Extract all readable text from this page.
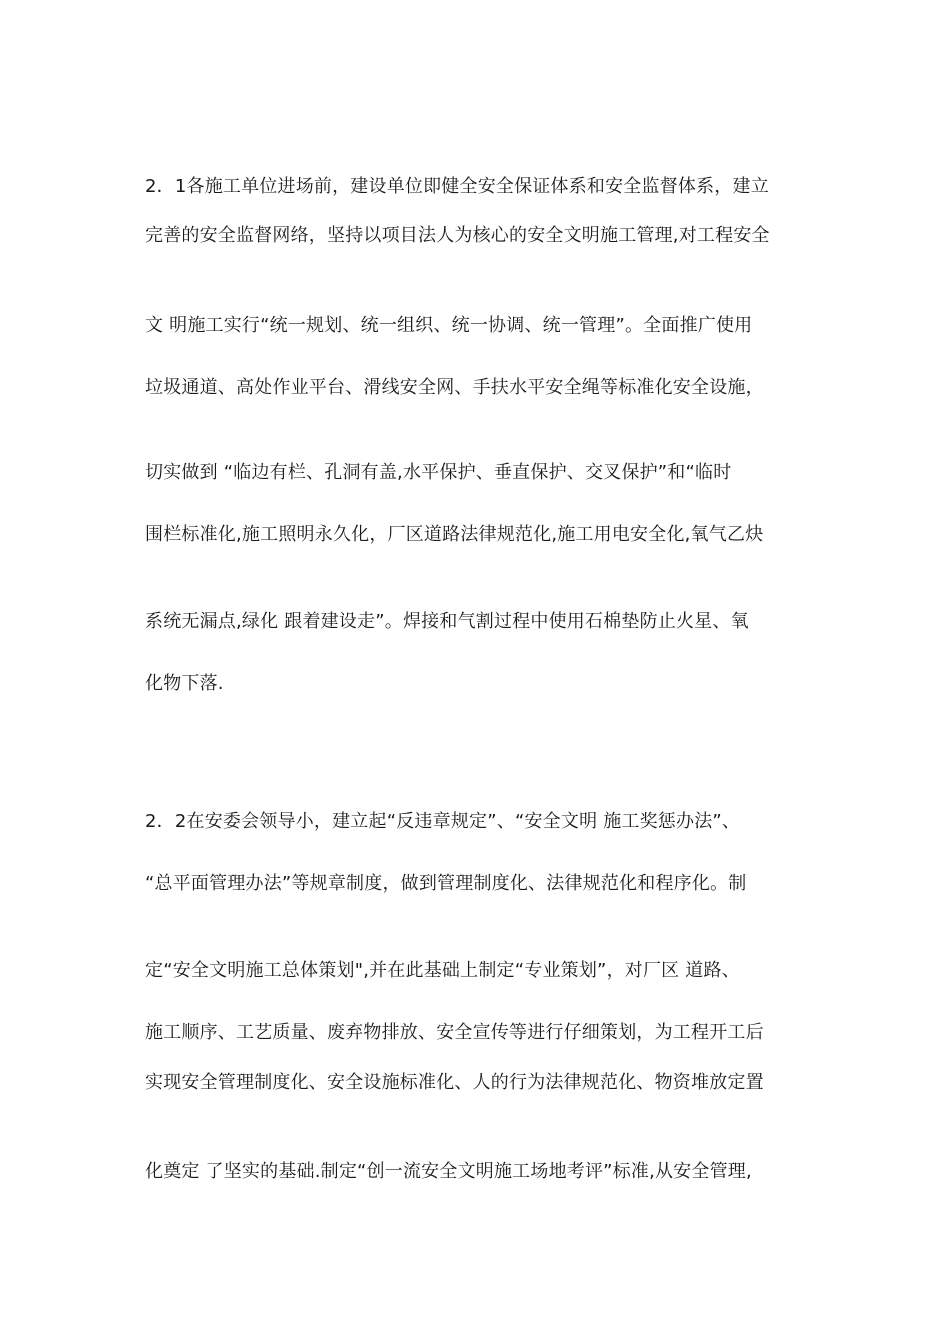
2．1各施工单位进场前，建设单位即健全安全保证体系和安全监督体系，建立
完善的安全监督网络，坚持以项目法人为核心的安全文明施工管理,对工程安全
文 明施工实行“统一规划、统一组织、统一协调、统一管理”。全面推广使用
垃圾通道、高处作业平台、滑线安全网、手扶水平安全绳等标准化安全设施，
切实做到 “临边有栏、孔洞有盖,水平保护、垂直保护、交叉保护”和“临时
围栏标准化,施工照明永久化，厂区道路法律规范化,施工用电安全化,氧气乙炔
系统无漏点,绿化 跟着建设走”。焊接和气割过程中使用石棉垫防止火星、氧
化物下落.
2．2在安委会领导小，建立起“反违章规定”、“安全文明 施工奖惩办法”、
“总平面管理办法”等规章制度，做到管理制度化、法律规范化和程序化。制
定“安全文明施工总体策划",并在此基础上制定“专业策划”，对厂区 道路、
施工顺序、工艺质量、废弃物排放、安全宣传等进行仔细策划，为工程开工后
实现安全管理制度化、安全设施标准化、人的行为法律规范化、物资堆放定置
化奠定 了坚实的基础.制定“创一流安全文明施工场地考评”标准,从安全管理,
